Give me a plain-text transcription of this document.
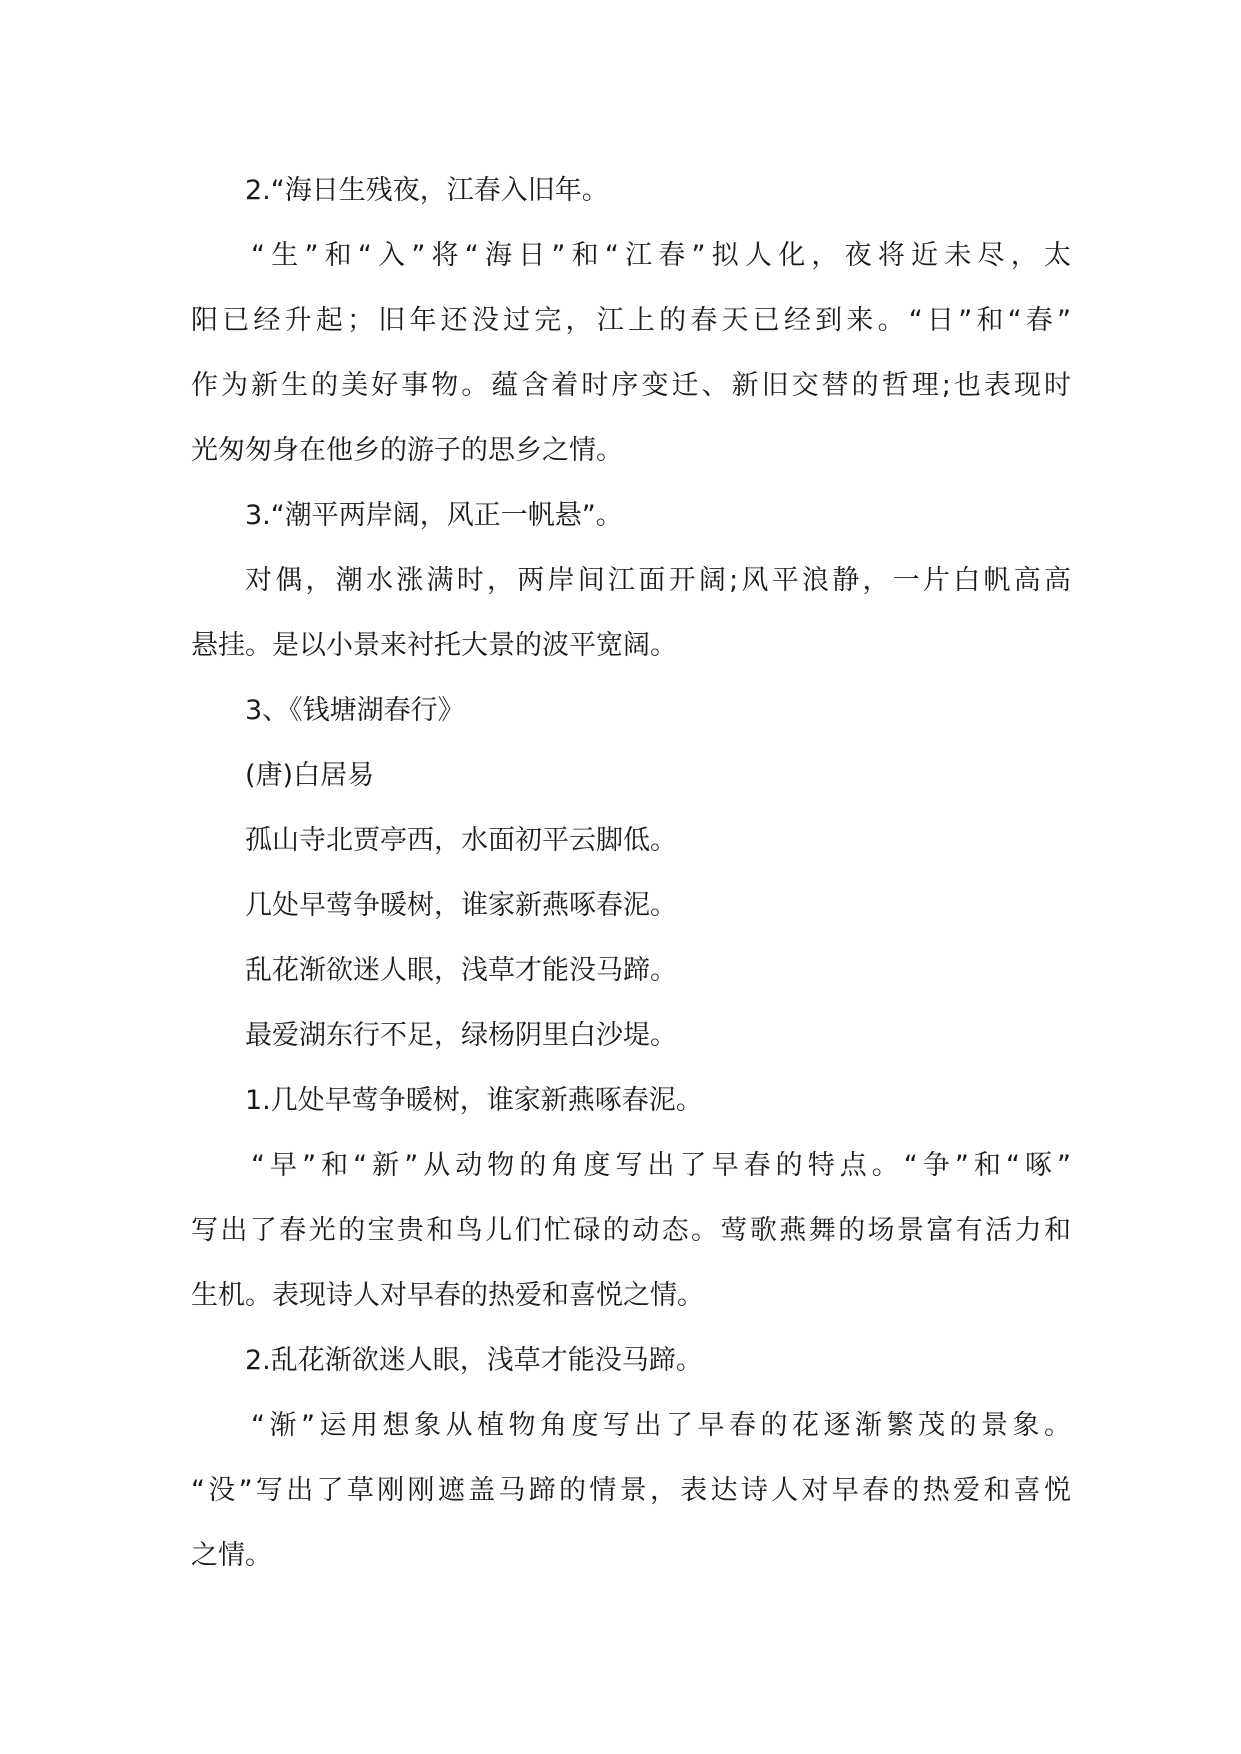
2.“海日生残夜，江春入旧年。

“生”和“入”将“海日”和“江春”拟人化，夜将近未尽，太

阳已经升起；旧年还没过完，江上的春天已经到来。“日”和“春”

作为新生的美好事物。蕴含着时序变迁、新旧交替的哲理;也表现时

光匆匆身在他乡的游子的思乡之情。

3.“潮平两岸阔，风正一帆悬”。

对偶，潮水涨满时，两岸间江面开阔;风平浪静，一片白帆高高

悬挂。是以小景来衬托大景的波平宽阔。

3、《钱塘湖春行》

(唐)白居易

孤山寺北贾亭西，水面初平云脚低。

几处早莺争暖树，谁家新燕啄春泥。

乱花渐欲迷人眼，浅草才能没马蹄。

最爱湖东行不足，绿杨阴里白沙堤。

1.几处早莺争暖树，谁家新燕啄春泥。

“早”和“新”从动物的角度写出了早春的特点。“争”和“啄”

写出了春光的宝贵和鸟儿们忙碌的动态。莺歌燕舞的场景富有活力和

生机。表现诗人对早春的热爱和喜悦之情。

2.乱花渐欲迷人眼，浅草才能没马蹄。

“渐”运用想象从植物角度写出了早春的花逐渐繁茂的景象。

“没”写出了草刚刚遮盖马蹄的情景，表达诗人对早春的热爱和喜悦

之情。
